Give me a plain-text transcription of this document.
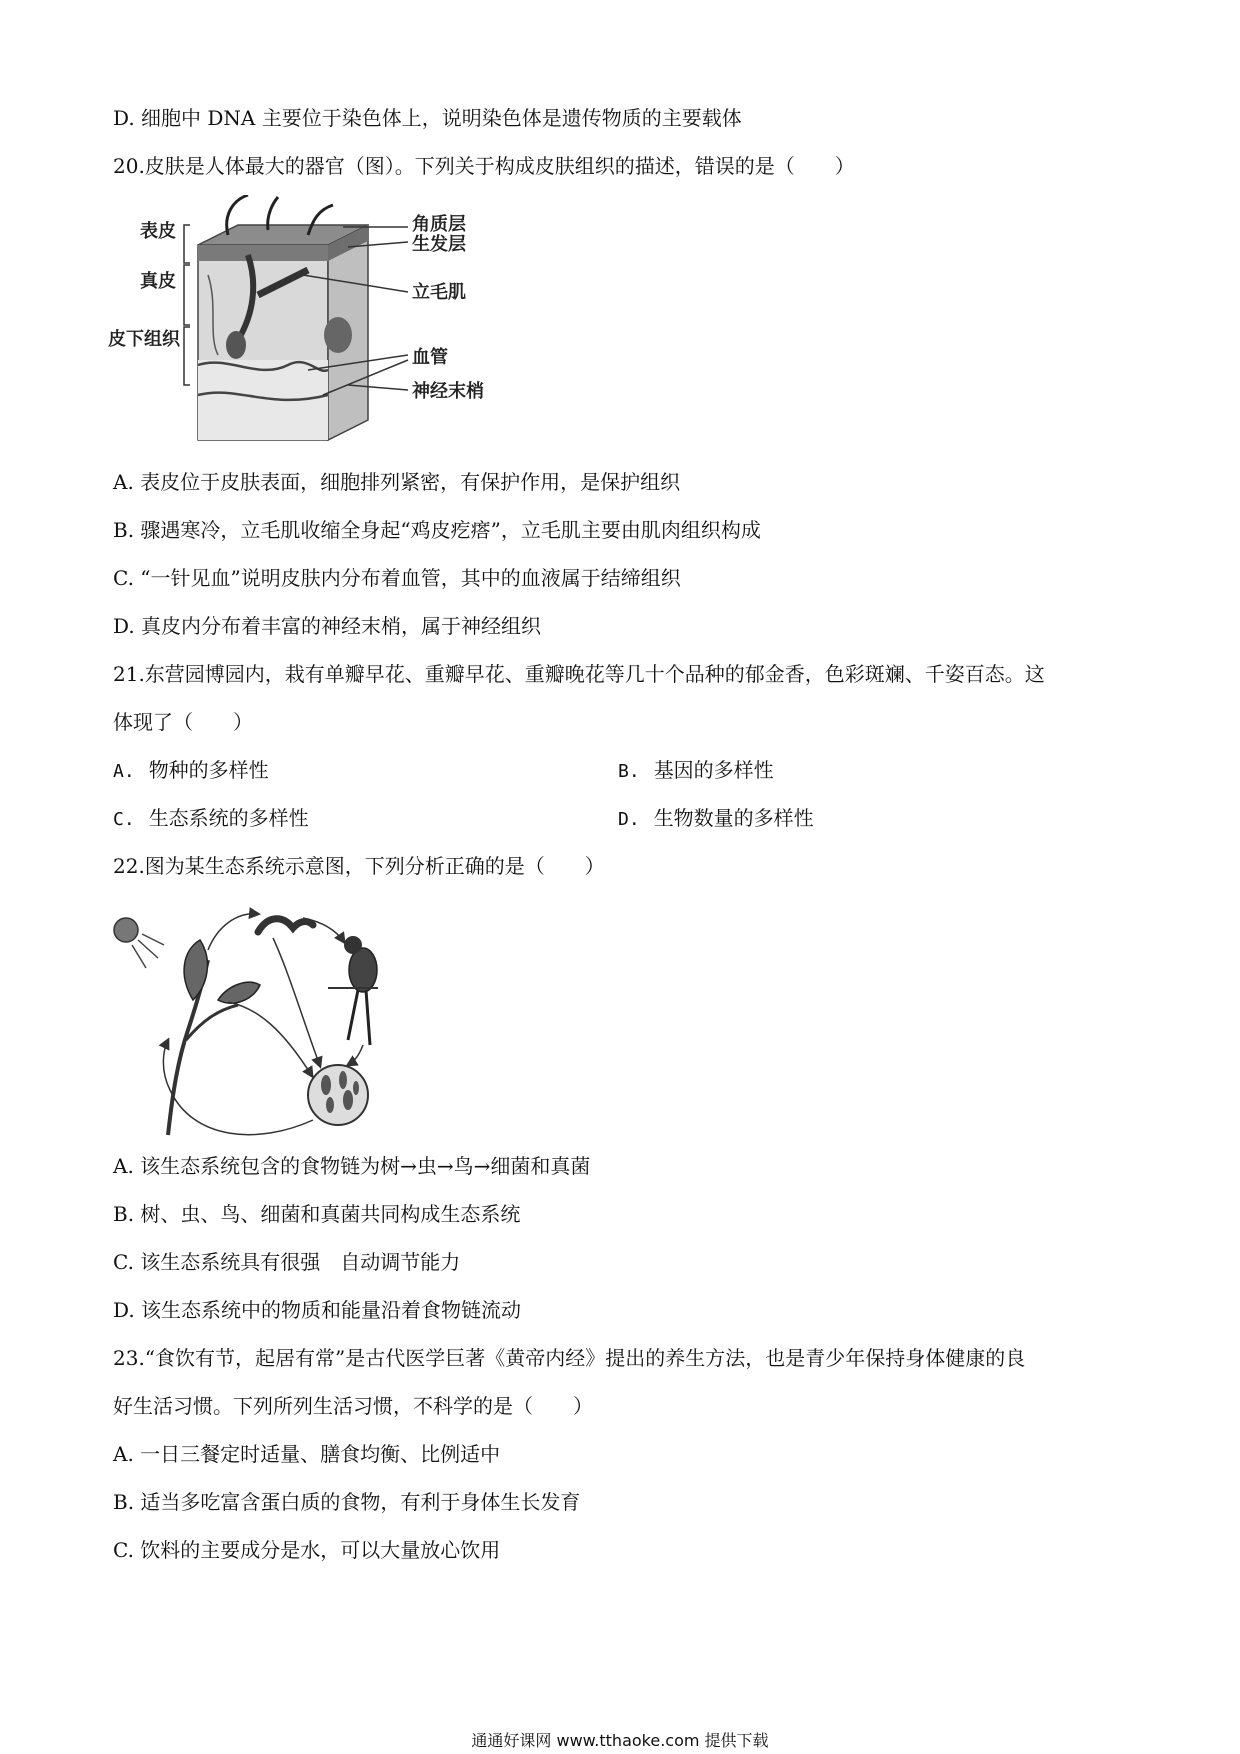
D. 细胞中 DNA 主要位于染色体上，说明染色体是遗传物质的主要载体
20.皮肤是人体最大的器官（图）。下列关于构成皮肤组织的描述，错误的是（　　）
表皮
真皮
皮下组织
角质层
生发层
立毛肌
血管
神经末梢
A. 表皮位于皮肤表面，细胞排列紧密，有保护作用，是保护组织
B. 骤遇寒冷，立毛肌收缩全身起“鸡皮疙瘩”，立毛肌主要由肌肉组织构成
C. “一针见血”说明皮肤内分布着血管，其中的血液属于结缔组织
D. 真皮内分布着丰富的神经末梢，属于神经组织
21.东营园博园内，栽有单瓣早花、重瓣早花、重瓣晚花等几十个品种的郁金香，色彩斑斓、千姿百态。这
体现了（　　）
A. 物种的多样性	B. 基因的多样性
C. 生态系统的多样性	D. 生物数量的多样性
22.图为某生态系统示意图，下列分析正确的是（　　）
A. 该生态系统包含的食物链为树→虫→鸟→细菌和真菌
B. 树、虫、鸟、细菌和真菌共同构成生态系统
C. 该生态系统具有很强　自动调节能力
D. 该生态系统中的物质和能量沿着食物链流动
23.“食饮有节，起居有常”是古代医学巨著《黄帝内经》提出的养生方法，也是青少年保持身体健康的良
好生活习惯。下列所列生活习惯，不科学的是（　　）
A. 一日三餐定时适量、膳食均衡、比例适中
B. 适当多吃富含蛋白质的食物，有利于身体生长发育
C. 饮料的主要成分是水，可以大量放心饮用
通通好课网 www.tthaoke.com 提供下载
